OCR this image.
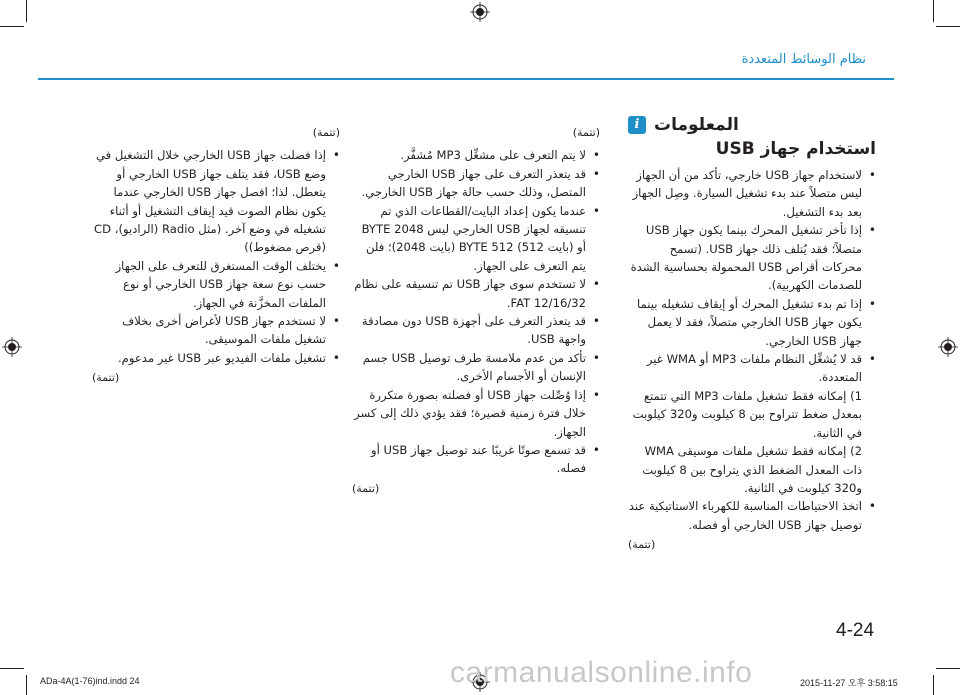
نظام الوسائط المتعددة
i المعلومات
استخدام جهاز USB
• لاستخدام جهاز USB خارجي، تأكد من أن الجهاز ليس متصلاً عند بدء تشغيل السيارة. وصِل الجهاز بعد بدء التشغيل.
• إذا تأخر تشغيل المحرك بينما يكون جهاز USB متصلاً؛ فقد يُتلف ذلك جهاز USB. (تسمح محركات أقراص USB المحمولة بحساسية الشدة للصدمات الكهربية).
• إذا تم بدء تشغيل المحرك أو إيقاف تشغيله بينما يكون جهاز USB الخارجي متصلاً، فقد لا يعمل جهاز USB الخارجي.
• قد لا يُشغِّل النظام ملفات MP3 أو WMA غير المتعددة.
1) إمكانه فقط تشغيل ملفات MP3 التي تتمتع بمعدل ضغط تتراوح بين 8 كيلوبت و320 كيلوبت في الثانية.
2) إمكانه فقط تشغيل ملفات موسيقى WMA ذات المعدل الضغط الذي يتراوح بين 8 كيلوبت و320 كيلوبت في الثانية.
• اتخذ الاحتياطات المناسبة للكهرباء الاستاتيكية عند توصيل جهاز USB الخارجي أو فصله.
(تتمة)
(تتمة)
• لا يتم التعرف على مشغِّل MP3 مُشفَّر.
• قد يتعذر التعرف على جهاز USB الخارجي المتصل، وذلك حسب حالة جهاز USB الخارجي.
• عندما يكون إعداد البايت/القطاعات الذي تم تنسيقه لجهاز USB الخارجي ليس BYTE 2048 أو (بايت 512) BYTE 512 (بايت 2048)؛ فلن يتم التعرف على الجهاز.
• لا تستخدم سوى جهاز USB تم تنسيقه على نظام FAT 12/16/32.
• قد يتعذر التعرف على أجهزة USB دون مصادقة واجهة USB.
• تأكد من عدم ملامسة طرف توصيل USB جسم الإنسان أو الأجسام الأخرى.
• إذا وُصِّلت جهاز USB أو فصلته بصورة متكررة خلال فترة زمنية قصيرة؛ فقد يؤدي ذلك إلى كسر الجهاز.
• قد تسمع صوتًا غريبًا عند توصيل جهاز USB أو فصله.
(تتمة)
(تتمة)
• إذا فصلت جهاز USB الخارجي خلال التشغيل في وضع USB، فقد يتلف جهاز USB الخارجي أو يتعطل. لذا؛ افصل جهاز USB الخارجي عندما يكون نظام الصوت قيد إيقاف التشغيل أو أثناء تشغيله في وضع آخر. (مثل Radio (الراديو)، CD (قرص مضغوط))
• يختلف الوقت المستغرق للتعرف على الجهاز حسب نوع سعة جهاز USB الخارجي أو نوع الملفات المخزَّنة في الجهاز.
• لا تستخدم جهاز USB لأغراض أخرى بخلاف تشغيل ملفات الموسيقى.
• تشغيل ملفات الفيديو عبر USB غير مدعوم.
(تتمة)
4-24
ADa-4A(1-76)ind.indd 24	2015-11-27 오후 3:58:15
carmanualsonline.info
